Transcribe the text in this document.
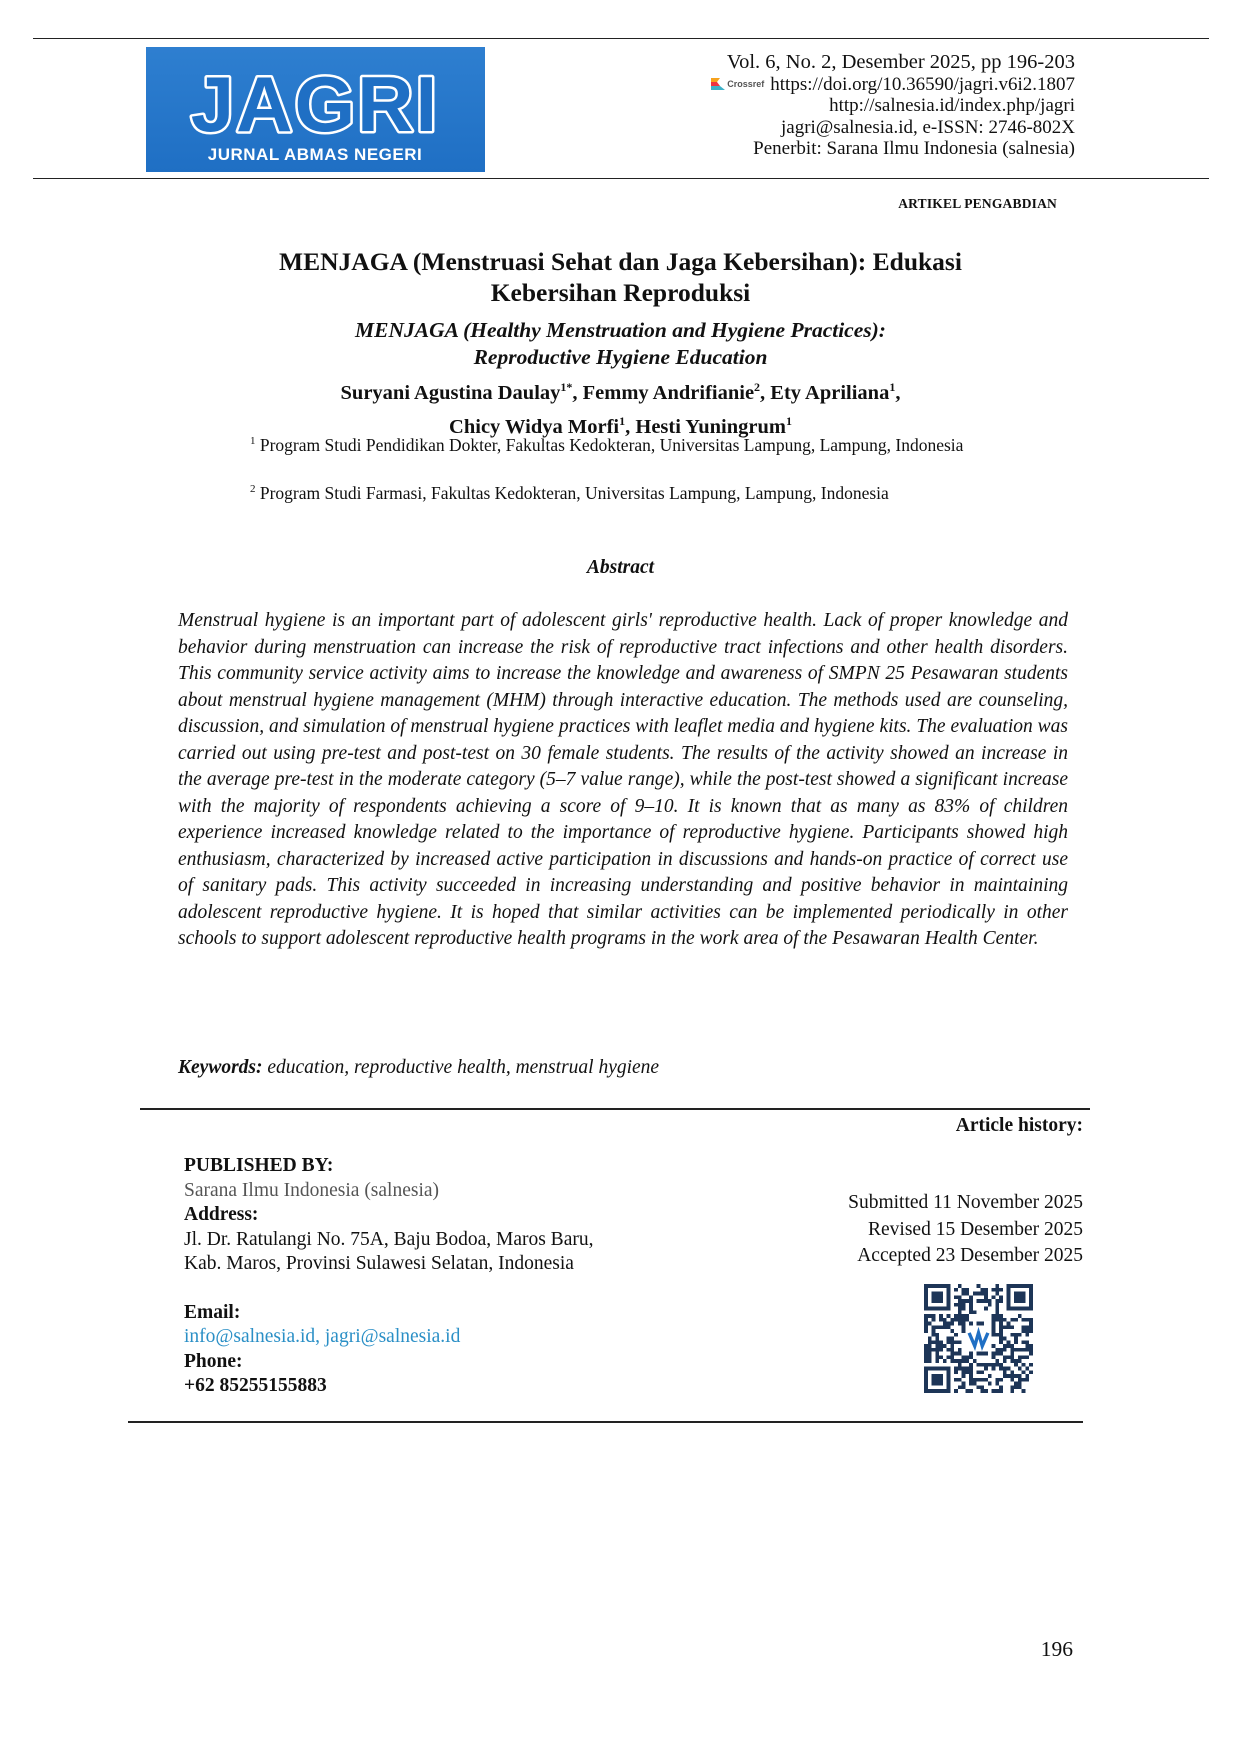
JAGRI
JURNAL ABMAS NEGERI
Vol. 6, No. 2, Desember 2025, pp 196-203
Crossref https://doi.org/10.36590/jagri.v6i2.1807
http://salnesia.id/index.php/jagri
jagri@salnesia.id, e-ISSN: 2746-802X
Penerbit: Sarana Ilmu Indonesia (salnesia)
ARTIKEL PENGABDIAN
MENJAGA (Menstruasi Sehat dan Jaga Kebersihan): Edukasi
Kebersihan Reproduksi
MENJAGA (Healthy Menstruation and Hygiene Practices):
Reproductive Hygiene Education
Suryani Agustina Daulay$^{1*}$, Femmy Andrifianie$^2$, Ety Apriliana$^1$,
Chicy Widya Morfi$^1$, Hesti Yuningrum$^1$
$^1$ Program Studi Pendidikan Dokter, Fakultas Kedokteran, Universitas Lampung, Lampung, Indonesia
$^2$ Program Studi Farmasi, Fakultas Kedokteran, Universitas Lampung, Lampung, Indonesia
Abstract
Menstrual hygiene is an important part of adolescent girls' reproductive health. Lack of proper knowledge and behavior during menstruation can increase the risk of reproductive tract infections and other health disorders. This community service activity aims to increase the knowledge and awareness of SMPN 25 Pesawaran students about menstrual hygiene management (MHM) through interactive education. The methods used are counseling, discussion, and simulation of menstrual hygiene practices with leaflet media and hygiene kits. The evaluation was carried out using pre-test and post-test on 30 female students. The results of the activity showed an increase in the average pre-test in the moderate category (5–7 value range), while the post-test showed a significant increase with the majority of respondents achieving a score of 9–10. It is known that as many as 83% of children experience increased knowledge related to the importance of reproductive hygiene. Participants showed high enthusiasm, characterized by increased active participation in discussions and hands-on practice of correct use of sanitary pads. This activity succeeded in increasing understanding and positive behavior in maintaining adolescent reproductive hygiene. It is hoped that similar activities can be implemented periodically in other schools to support adolescent reproductive health programs in the work area of the Pesawaran Health Center.
Keywords: education, reproductive health, menstrual hygiene
Article history:
PUBLISHED BY:
Sarana Ilmu Indonesia (salnesia)
Address:
Jl. Dr. Ratulangi No. 75A, Baju Bodoa, Maros Baru,
Kab. Maros, Provinsi Sulawesi Selatan, Indonesia
Email:
info@salnesia.id, jagri@salnesia.id
Phone:
+62 85255155883
Submitted 11 November 2025
Revised 15 Desember 2025
Accepted 23 Desember 2025
196
